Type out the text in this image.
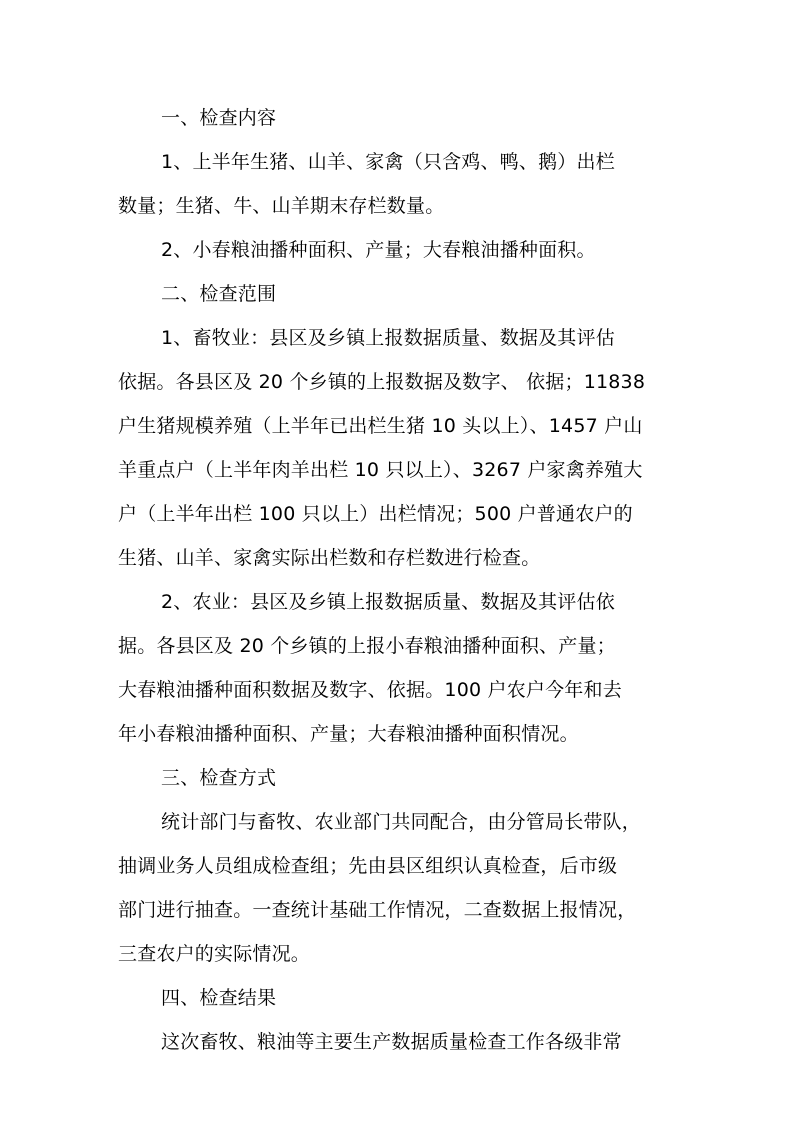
一、检查内容
1、上半年生猪、山羊、家禽（只含鸡、鸭、鹅）出栏
数量；生猪、牛、山羊期末存栏数量。
2、小春粮油播种面积、产量；大春粮油播种面积。
二、检查范围
1、畜牧业：县区及乡镇上报数据质量、数据及其评估
依据。各县区及 20 个乡镇的上报数据及数字、 依据；11838
户生猪规模养殖（上半年已出栏生猪 10 头以上）、1457 户山
羊重点户（上半年肉羊出栏 10 只以上）、3267 户家禽养殖大
户（上半年出栏 100 只以上）出栏情况；500 户普通农户的
生猪、山羊、家禽实际出栏数和存栏数进行检查。
2、农业：县区及乡镇上报数据质量、数据及其评估依
据。各县区及 20 个乡镇的上报小春粮油播种面积、产量；
大春粮油播种面积数据及数字、依据。100 户农户今年和去
年小春粮油播种面积、产量；大春粮油播种面积情况。
三、检查方式
统计部门与畜牧、农业部门共同配合，由分管局长带队，
抽调业务人员组成检查组；先由县区组织认真检查，后市级
部门进行抽查。一查统计基础工作情况，二查数据上报情况，
三查农户的实际情况。
四、检查结果
这次畜牧、粮油等主要生产数据质量检查工作各级非常
